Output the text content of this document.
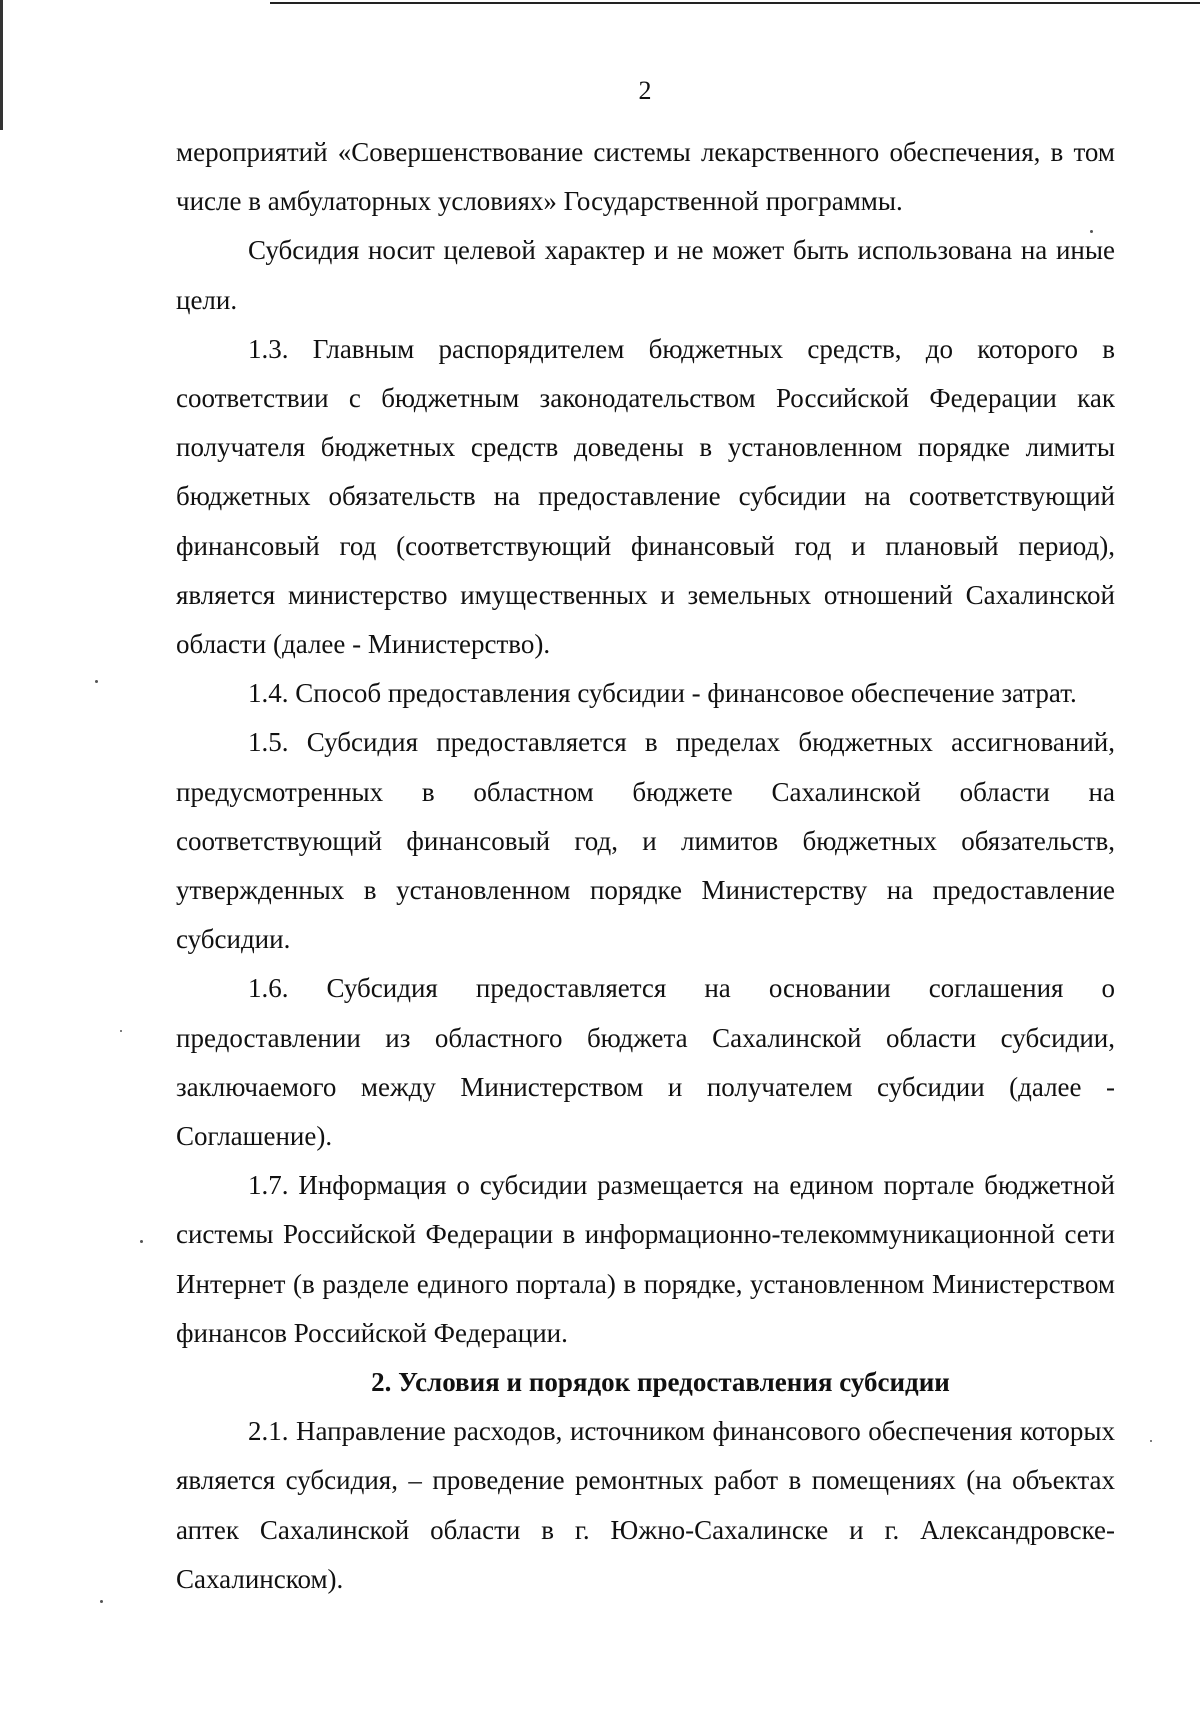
2

мероприятий «Совершенствование системы лекарственного обеспечения, в том числе в амбулаторных условиях» Государственной программы.

Субсидия носит целевой характер и не может быть использована на иные цели.

1.3. Главным распорядителем бюджетных средств, до которого в соответствии с бюджетным законодательством Российской Федерации как получателя бюджетных средств доведены в установленном порядке лимиты бюджетных обязательств на предоставление субсидии на соответствующий финансовый год (соответствующий финансовый год и плановый период), является министерство имущественных и земельных отношений Сахалинской области (далее - Министерство).

1.4. Способ предоставления субсидии - финансовое обеспечение затрат.

1.5. Субсидия предоставляется в пределах бюджетных ассигнований, предусмотренных в областном бюджете Сахалинской области на соответствующий финансовый год, и лимитов бюджетных обязательств, утвержденных в установленном порядке Министерству на предоставление субсидии.

1.6. Субсидия предоставляется на основании соглашения о предоставлении из областного бюджета Сахалинской области субсидии, заключаемого между Министерством и получателем субсидии (далее - Соглашение).

1.7. Информация о субсидии размещается на едином портале бюджетной системы Российской Федерации в информационно-телекоммуникационной сети Интернет (в разделе единого портала) в порядке, установленном Министерством финансов Российской Федерации.

2. Условия и порядок предоставления субсидии

2.1. Направление расходов, источником финансового обеспечения которых является субсидия, – проведение ремонтных работ в помещениях (на объектах аптек Сахалинской области в г. Южно-Сахалинске и г. Александровске-Сахалинском).
